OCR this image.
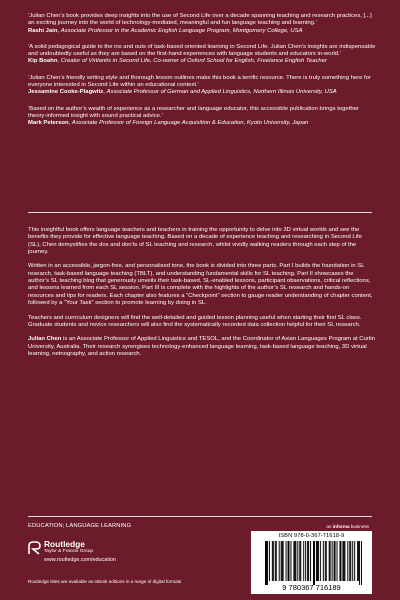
‘Julian Chen’s book provides deep insights into the use of Second Life over a decade spanning teaching and research practices, [...] an exciting journey into the world of technology-mediated, meaningful and fun language teaching and learning.’

Rashi Jain, Associate Professor in the Academic English Language Program, Montgomery College, USA

‘A solid pedagogical guide to the ins and outs of task-based oriented learning in Second Life. Julian Chen’s insights are indispensable and undoubtedly useful as they are based on the first-hand experiences with language students and educators in-world.’

Kip Boahn, Creator of Virtlantis in Second Life, Co-owner of Oxford School for English, Freelance English Teacher

‘Julian Chen’s friendly writing style and thorough lesson outlines make this book a terrific resource. There is truly something here for everyone interested in Second Life within an educational context.’

Jessamine Cooke-Plagwitz, Associate Professor of German and Applied Linguistics, Northern Illinois University, USA

‘Based on the author’s wealth of experience as a researcher and language educator, this accessible publication brings together theory-informed insight with sound practical advice.’

Mark Peterson, Associate Professor of Foreign Language Acquisition & Education, Kyoto University, Japan

This insightful book offers language teachers and teachers in training the opportunity to delve into 3D virtual worlds and see the benefits they provide for effective language teaching. Based on a decade of experience teaching and researching in Second Life (SL), Chen demystifies the dos and don’ts of SL teaching and research, whilst vividly walking readers through each step of the journey.

Written in an accessible, jargon-free, and personalised tone, the book is divided into three parts. Part I builds the foundation in SL research, task-based language teaching (TBLT), and understanding fundamental skills for SL teaching. Part II showcases the author’s SL teaching blog that generously unveils their task-based, SL-enabled lessons, participant observations, critical reflections, and lessons learned from each SL session. Part III is complete with the highlights of the author’s SL research and hands-on resources and tips for readers. Each chapter also features a “Checkpoint” section to gauge reader understanding of chapter content, followed by a “Your Task” section to promote learning by doing in SL.

Teachers and curriculum designers will find the well-detailed and guided lesson planning useful when starting their first SL class. Graduate students and novice researchers will also find the systematically recorded data collection helpful for their SL research.

Julian Chen is an Associate Professor of Applied Linguistics and TESOL, and the Coordinator of Asian Languages Program at Curtin University, Australia. Their research synergises technology-enhanced language learning, task-based language teaching, 3D virtual learning, netnography, and action research.

EDUCATION; LANGUAGE LEARNING
Routledge
Taylor & Francis Group
www.routledge.com/education
Routledge titles are available as eBook editions in a range of digital formats
an informa business
ISBN 978-0-367-71618-9
9 780367 716189
